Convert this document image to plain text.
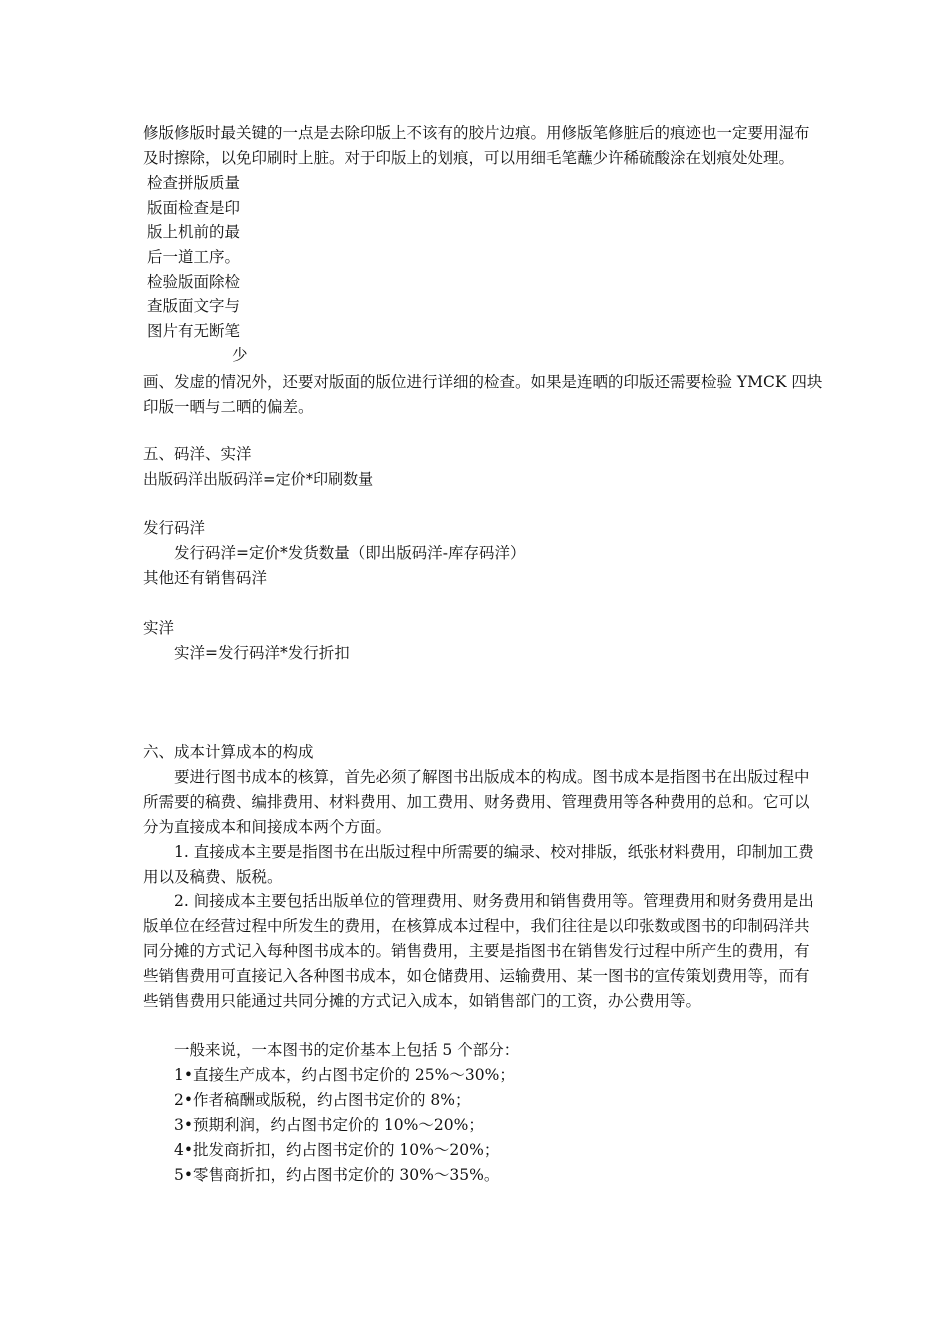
修版修版时最关键的一点是去除印版上不该有的胶片边痕。用修版笔修脏后的痕迹也一定要用湿布
及时擦除，以免印刷时上脏。对于印版上的划痕，可以用细毛笔蘸少许稀硫酸涂在划痕处处理。
检查拼版质量
版面检查是印
版上机前的最
后一道工序。
检验版面除检
查版面文字与
图片有无断笔
少
画、发虚的情况外，还要对版面的版位进行详细的检查。如果是连晒的印版还需要检验 YMCK 四块
印版一晒与二晒的偏差。
五、码洋、实洋
出版码洋出版码洋=定价*印刷数量
发行码洋
发行码洋=定价*发货数量（即出版码洋-库存码洋）
其他还有销售码洋
实洋
实洋=发行码洋*发行折扣
六、成本计算成本的构成
要进行图书成本的核算，首先必须了解图书出版成本的构成。图书成本是指图书在出版过程中
所需要的稿费、编排费用、材料费用、加工费用、财务费用、管理费用等各种费用的总和。它可以
分为直接成本和间接成本两个方面。
1. 直接成本主要是指图书在出版过程中所需要的编录、校对排版，纸张材料费用，印制加工费
用以及稿费、版税。
2. 间接成本主要包括出版单位的管理费用、财务费用和销售费用等。管理费用和财务费用是出
版单位在经营过程中所发生的费用，在核算成本过程中，我们往往是以印张数或图书的印制码洋共
同分摊的方式记入每种图书成本的。销售费用，主要是指图书在销售发行过程中所产生的费用，有
些销售费用可直接记入各种图书成本，如仓储费用、运输费用、某一图书的宣传策划费用等，而有
些销售费用只能通过共同分摊的方式记入成本，如销售部门的工资，办公费用等。
一般来说，一本图书的定价基本上包括 5 个部分：
1•直接生产成本，约占图书定价的 25%～30%；
2•作者稿酬或版税，约占图书定价的 8%；
3•预期利润，约占图书定价的 10%～20%；
4•批发商折扣，约占图书定价的 10%～20%；
5•零售商折扣，约占图书定价的 30%～35%。
